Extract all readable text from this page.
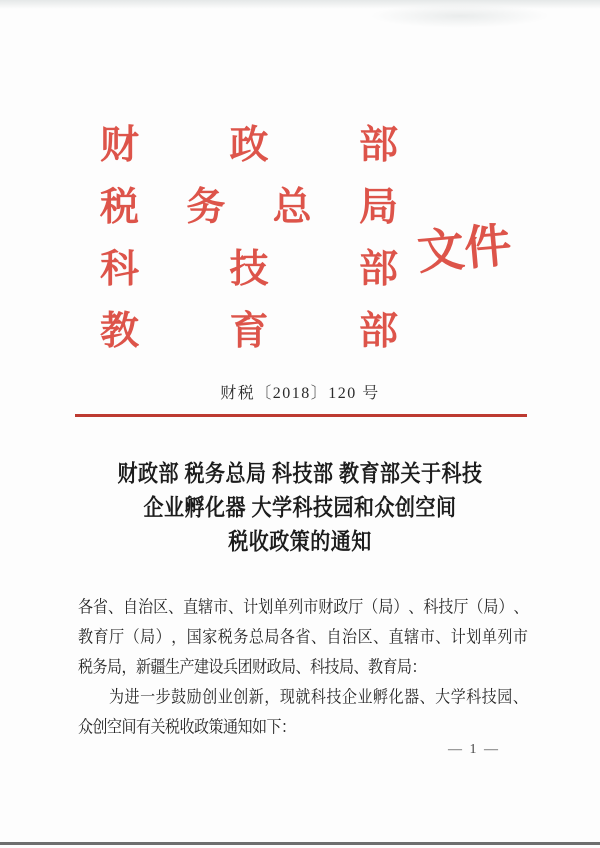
财 政 部
税 务 总 局
科 技 部
教 育 部
文件
财税〔2018〕120 号
财政部 税务总局 科技部 教育部关于科技
企业孵化器 大学科技园和众创空间
税收政策的通知
各 省 、 自 治 区 、 直 辖 市 、 计 划 单 列 市 财 政 厅 （ 局 ） 、 科 技 厅 （ 局 ） 、
教 育 厅 （ 局 ） ， 国 家 税 务 总 局 各 省 、 自 治 区 、 直 辖 市 、 计 划 单 列 市
税务局，新疆生产建设兵团财政局、科技局、教育局：
为 进 一 步 鼓 励 创 业 创 新 ， 现 就 科 技 企 业 孵 化 器 、 大 学 科 技 园 、
众创空间有关税收政策通知如下：
— 1 —
